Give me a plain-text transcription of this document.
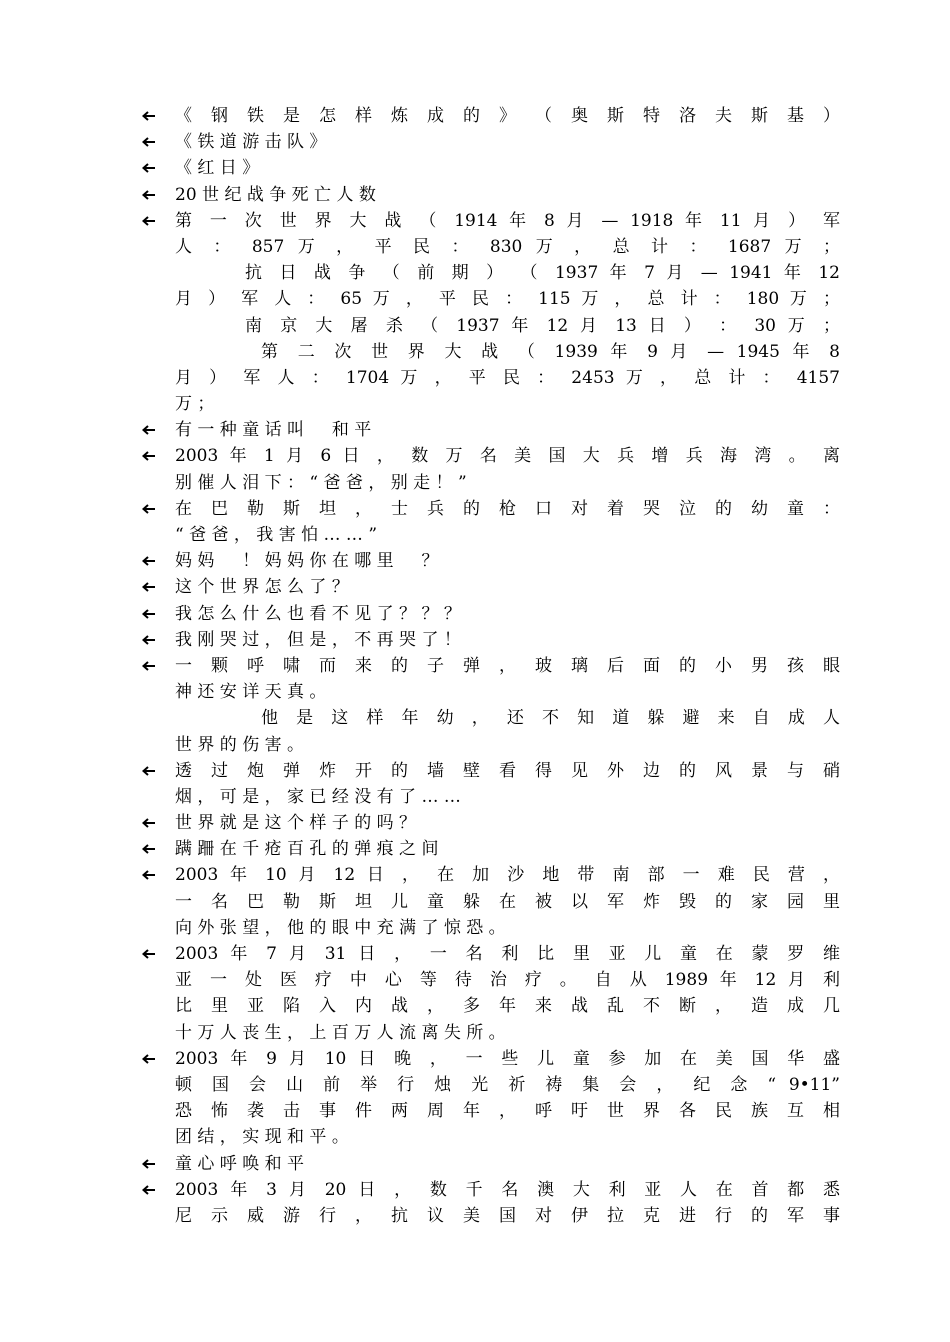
《 钢 铁 是 怎 样 炼 成 的 》 （ 奥 斯 特 洛 夫 斯 基 ）
《 铁 道 游 击 队 》
《 红 日 》
20 世 纪 战 争 死 亡 人 数
第 一 次 世 界 大 战 （ 1914 年 8 月 — 1918 年 11 月 ） 军
人 ： 857 万 ， 平 民 ： 830 万 ， 总 计 ： 1687 万 ；
抗 日 战 争 （ 前 期 ） （ 1937 年 7 月 — 1941 年 12
月 ） 军 人 ： 65 万 ， 平 民 ： 115 万 ， 总 计 ： 180 万 ；
南 京 大 屠 杀 （ 1937 年 12 月 13 日 ） ： 30 万 ；
第 二 次 世 界 大 战 （ 1939 年 9 月 — 1945 年 8
月 ） 军 人 ： 1704 万 ， 平 民 ： 2453 万 ， 总 计 ： 4157
万 ；
有 一 种 童 话 叫 　 和 平
2003 年 1 月 6 日 ， 数 万 名 美 国 大 兵 增 兵 海 湾 。 离
别 催 人 泪 下 ： “ 爸 爸 ， 别 走 ！ ”
在 巴 勒 斯 坦 ， 士 兵 的 枪 口 对 着 哭 泣 的 幼 童 ：
“ 爸 爸 ， 我 害 怕 … … ”
妈 妈 　 ！ 妈 妈 你 在 哪 里 　 ？
这 个 世 界 怎 么 了 ？
我 怎 么 什 么 也 看 不 见 了 ？ ？ ？
我 刚 哭 过 ， 但 是 ， 不 再 哭 了 ！
一 颗 呼 啸 而 来 的 子 弹 ， 玻 璃 后 面 的 小 男 孩 眼
神 还 安 详 天 真 。
他 是 这 样 年 幼 ， 还 不 知 道 躲 避 来 自 成 人
世 界 的 伤 害 。
透 过 炮 弹 炸 开 的 墙 壁 看 得 见 外 边 的 风 景 与 硝
烟 ， 可 是 ， 家 已 经 没 有 了 … …
世 界 就 是 这 个 样 子 的 吗 ？
蹒 跚 在 千 疮 百 孔 的 弹 痕 之 间
2003 年 10 月 12 日 ， 在 加 沙 地 带 南 部 一 难 民 营 ，
一 名 巴 勒 斯 坦 儿 童 躲 在 被 以 军 炸 毁 的 家 园 里
向 外 张 望 ， 他 的 眼 中 充 满 了 惊 恐 。
2003 年 7 月 31 日 ， 一 名 利 比 里 亚 儿 童 在 蒙 罗 维
亚 一 处 医 疗 中 心 等 待 治 疗 。 自 从 1989 年 12 月 利
比 里 亚 陷 入 内 战 ， 多 年 来 战 乱 不 断 ， 造 成 几
十 万 人 丧 生 ， 上 百 万 人 流 离 失 所 。
2003 年 9 月 10 日 晚 ， 一 些 儿 童 参 加 在 美 国 华 盛
顿 国 会 山 前 举 行 烛 光 祈 祷 集 会 ， 纪 念 “ 9•11”
恐 怖 袭 击 事 件 两 周 年 ， 呼 吁 世 界 各 民 族 互 相
团 结 ， 实 现 和 平 。
童 心 呼 唤 和 平
2003 年 3 月 20 日 ， 数 千 名 澳 大 利 亚 人 在 首 都 悉
尼 示 威 游 行 ， 抗 议 美 国 对 伊 拉 克 进 行 的 军 事
